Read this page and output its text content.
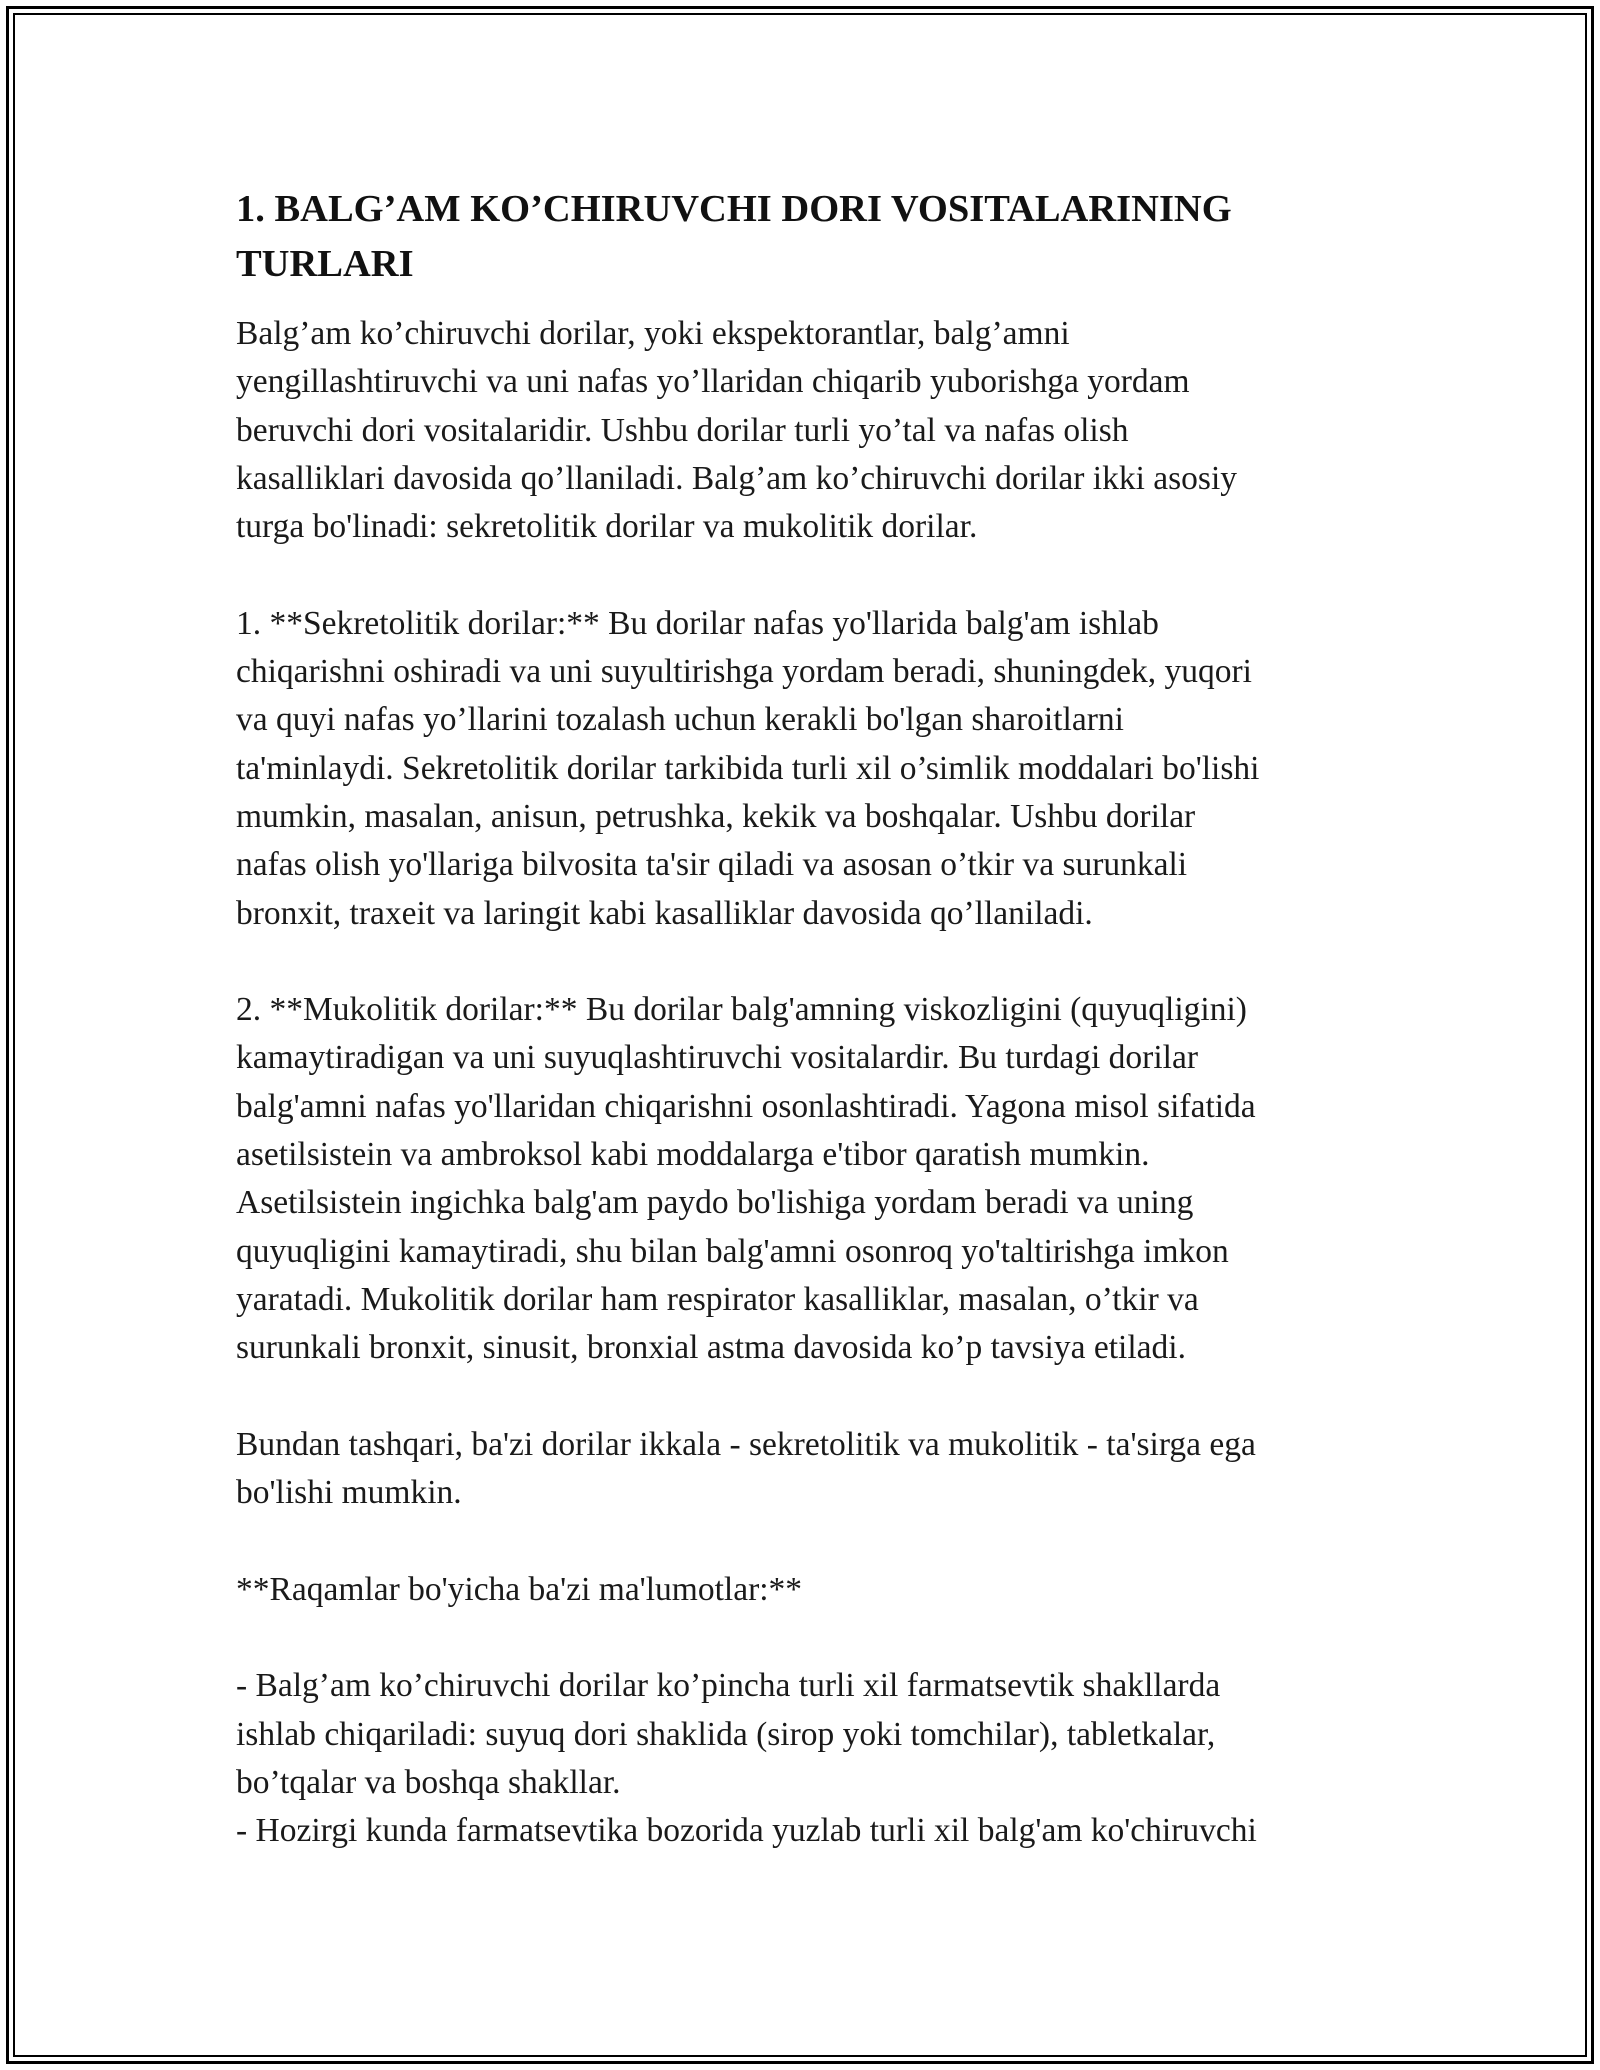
1. BALG’AM KO’CHIRUVCHI DORI VOSITALARINING
TURLARI
Balg’am ko’chiruvchi dorilar, yoki ekspektorantlar, balg’amni
yengillashtiruvchi va uni nafas yo’llaridan chiqarib yuborishga yordam
beruvchi dori vositalaridir. Ushbu dorilar turli yo’tal va nafas olish
kasalliklari davosida qo’llaniladi. Balg’am ko’chiruvchi dorilar ikki asosiy
turga bo'linadi: sekretolitik dorilar va mukolitik dorilar.
1. **Sekretolitik dorilar:** Bu dorilar nafas yo'llarida balg'am ishlab
chiqarishni oshiradi va uni suyultirishga yordam beradi, shuningdek, yuqori
va quyi nafas yo’llarini tozalash uchun kerakli bo'lgan sharoitlarni
ta'minlaydi. Sekretolitik dorilar tarkibida turli xil o’simlik moddalari bo'lishi
mumkin, masalan, anisun, petrushka, kekik va boshqalar. Ushbu dorilar
nafas olish yo'llariga bilvosita ta'sir qiladi va asosan o’tkir va surunkali
bronxit, traxeit va laringit kabi kasalliklar davosida qo’llaniladi.
2. **Mukolitik dorilar:** Bu dorilar balg'amning viskozligini (quyuqligini)
kamaytiradigan va uni suyuqlashtiruvchi vositalardir. Bu turdagi dorilar
balg'amni nafas yo'llaridan chiqarishni osonlashtiradi. Yagona misol sifatida
asetilsistein va ambroksol kabi moddalarga e'tibor qaratish mumkin.
Asetilsistein ingichka balg'am paydo bo'lishiga yordam beradi va uning
quyuqligini kamaytiradi, shu bilan balg'amni osonroq yo'taltirishga imkon
yaratadi. Mukolitik dorilar ham respirator kasalliklar, masalan, o’tkir va
surunkali bronxit, sinusit, bronxial astma davosida ko’p tavsiya etiladi.
Bundan tashqari, ba'zi dorilar ikkala - sekretolitik va mukolitik - ta'sirga ega
bo'lishi mumkin.
**Raqamlar bo'yicha ba'zi ma'lumotlar:**
- Balg’am ko’chiruvchi dorilar ko’pincha turli xil farmatsevtik shakllarda
ishlab chiqariladi: suyuq dori shaklida (sirop yoki tomchilar), tabletkalar,
bo’tqalar va boshqa shakllar.
- Hozirgi kunda farmatsevtika bozorida yuzlab turli xil balg'am ko'chiruvchi
